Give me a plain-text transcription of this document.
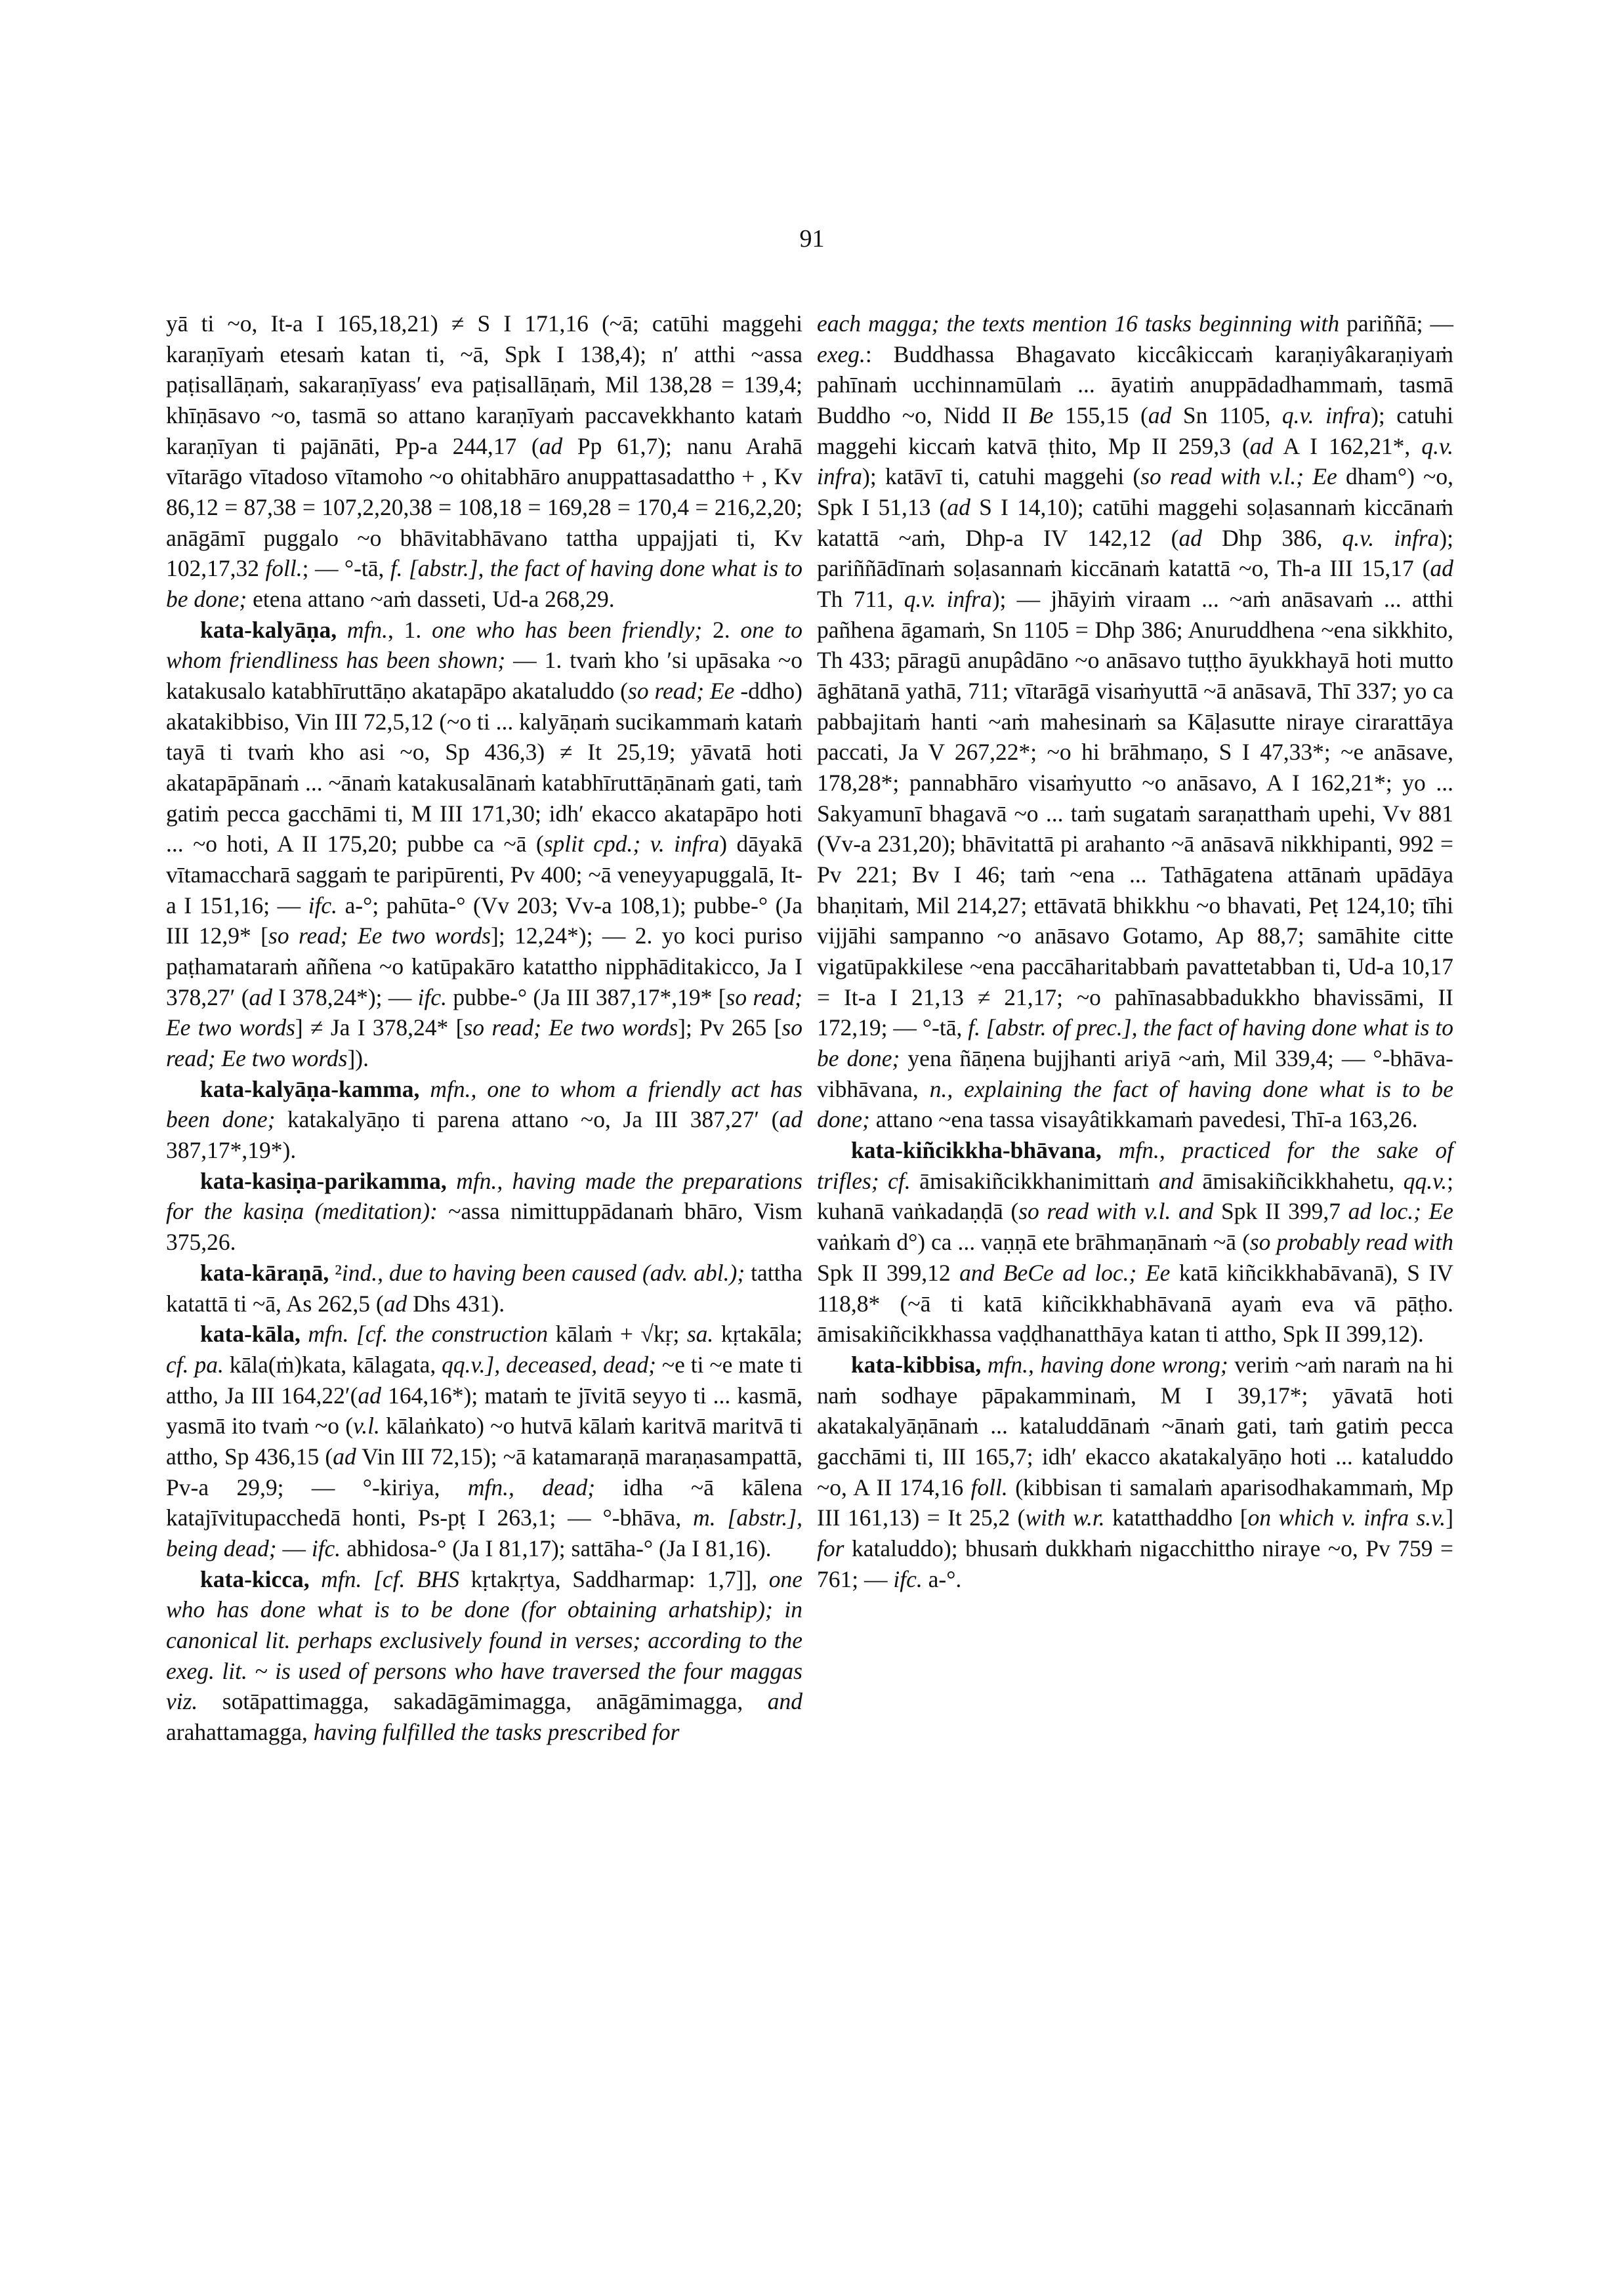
91

yā ti ~o, It-a I 165,18,21) ≠ S I 171,16 (~ā; catūhi maggehi karaṇīyaṁ etesaṁ katan ti, ~ā, Spk I 138,4); n′ atthi ~assa paṭisallāṇaṁ, sakaraṇīyass′ eva paṭisallāṇaṁ, Mil 138,28 = 139,4; khīṇāsavo ~o, tasmā so attano karaṇīyaṁ paccavekkhanto kataṁ karaṇīyan ti pajānāti, Pp-a 244,17 (ad Pp 61,7); nanu Arahā vītarāgo vītadoso vītamoho ~o ohitabhāro anuppattasadattho + , Kv 86,12 = 87,38 = 107,2,20,38 = 108,18 = 169,28 = 170,4 = 216,2,20; anāgāmī puggalo ~o bhāvitabhāvano tattha uppajjati ti, Kv 102,17,32 foll.; — °-tā, f. [abstr.], the fact of having done what is to be done; etena attano ~aṁ dasseti, Ud-a 268,29.

kata-kalyāṇa, mfn., 1. one who has been friendly; 2. one to whom friendliness has been shown; — 1. tvaṁ kho ′si upāsaka ~o katakusalo katabhīruttāṇo akatapāpo akataluddo (so read; Ee -ddho) akatakibbiso, Vin III 72,5,12 (~o ti ... kalyāṇaṁ sucikammaṁ kataṁ tayā ti tvaṁ kho asi ~o, Sp 436,3) ≠ It 25,19; yāvatā hoti akatapāpānaṁ ... ~ānaṁ katakusalānaṁ katabhīruttāṇānaṁ gati, taṁ gatiṁ pecca gacchāmi ti, M III 171,30; idh′ ekacco akatapāpo hoti ... ~o hoti, A II 175,20; pubbe ca ~ā (split cpd.; v. infra) dāyakā vītamaccharā saggaṁ te paripūrenti, Pv 400; ~ā veneyyapuggalā, It-a I 151,16; — ifc. a-°; pahūta-° (Vv 203; Vv-a 108,1); pubbe-° (Ja III 12,9* [so read; Ee two words]; 12,24*); — 2. yo koci puriso paṭhamataraṁ aññena ~o katūpakāro katattho nipphāditakicco, Ja I 378,27′ (ad I 378,24*); — ifc. pubbe-° (Ja III 387,17*,19* [so read; Ee two words] ≠ Ja I 378,24* [so read; Ee two words]; Pv 265 [so read; Ee two words]).

kata-kalyāṇa-kamma, mfn., one to whom a friendly act has been done; katakalyāṇo ti parena attano ~o, Ja III 387,27′ (ad 387,17*,19*).

kata-kasiṇa-parikamma, mfn., having made the preparations for the kasiṇa (meditation): ~assa nimittuppādanaṁ bhāro, Vism 375,26.

kata-kāraṇā, ²ind., due to having been caused (adv. abl.); tattha katattā ti ~ā, As 262,5 (ad Dhs 431).

kata-kāla, mfn. [cf. the construction kālaṁ + √kṛ; sa. kṛtakāla; cf. pa. kāla(ṁ)kata, kālagata, qq.v.], deceased, dead; ~e ti ~e mate ti attho, Ja III 164,22′(ad 164,16*); mataṁ te jīvitā seyyo ti ... kasmā, yasmā ito tvaṁ ~o (v.l. kālaṅkato) ~o hutvā kālaṁ karitvā maritvā ti attho, Sp 436,15 (ad Vin III 72,15); ~ā katamaraṇā maraṇasampattā, Pv-a 29,9; — °-kiriya, mfn., dead; idha ~ā kālena katajīvitupacchedā honti, Ps-pṭ I 263,1; — °-bhāva, m. [abstr.], being dead; — ifc. abhidosa-° (Ja I 81,17); sattāha-° (Ja I 81,16).

kata-kicca, mfn. [cf. BHS kṛtakṛtya, Saddharmap: 1,7]], one who has done what is to be done (for obtaining arhatship); in canonical lit. perhaps exclusively found in verses; according to the exeg. lit. ~ is used of persons who have traversed the four maggas viz. sotāpattimagga, sakadāgāmimagga, anāgāmimagga, and arahattamagga, having fulfilled the tasks prescribed for

each magga; the texts mention 16 tasks beginning with pariññā; — exeg.: Buddhassa Bhagavato kiccâkiccaṁ karaṇiyâkaraṇiyaṁ pahīnaṁ ucchinnamūlaṁ ... āyatiṁ anuppādadhammaṁ, tasmā Buddho ~o, Nidd II Be 155,15 (ad Sn 1105, q.v. infra); catuhi maggehi kiccaṁ katvā ṭhito, Mp II 259,3 (ad A I 162,21*, q.v. infra); katāvī ti, catuhi maggehi (so read with v.l.; Ee dham°) ~o, Spk I 51,13 (ad S I 14,10); catūhi maggehi soḷasannaṁ kiccānaṁ katattā ~aṁ, Dhp-a IV 142,12 (ad Dhp 386, q.v. infra); pariññādīnaṁ soḷasannaṁ kiccānaṁ katattā ~o, Th-a III 15,17 (ad Th 711, q.v. infra); — jhāyiṁ viraam ... ~aṁ anāsavaṁ ... atthi pañhena āgamaṁ, Sn 1105 = Dhp 386; Anuruddhena ~ena sikkhito, Th 433; pāragū anupâdāno ~o anāsavo tuṭṭho āyukkhayā hoti muttо āghātanā yathā, 711; vītarāgā visaṁyuttā ~ā anāsavā, Thī 337; yo ca pabbajitaṁ hanti ~aṁ mahesinaṁ sa Kāḷasutte niraye cirarattāya paccati, Ja V 267,22*; ~o hi brāhmaṇo, S I 47,33*; ~e anāsave, 178,28*; pannabhāro visaṁyutto ~o anāsavo, A I 162,21*; yo ... Sakyamunī bhagavā ~o ... taṁ sugataṁ saraṇatthaṁ upehi, Vv 881 (Vv-a 231,20); bhāvitattā pi arahanto ~ā anāsavā nikkhipanti, 992 = Pv 221; Bv I 46; taṁ ~ena ... Tathāgatena attānaṁ upādāya bhaṇitaṁ, Mil 214,27; ettāvatā bhikkhu ~o bhavati, Peṭ 124,10; tīhi vijjāhi sampanno ~o anāsavo Gotamo, Ap 88,7; samāhite citte vigatūpakkilese ~ena paccāharitabbaṁ pavattetabban ti, Ud-a 10,17 = It-a I 21,13 ≠ 21,17; ~o pahīnasabbadukkho bhavissāmi, II 172,19; — °-tā, f. [abstr. of prec.], the fact of having done what is to be done; yena ñāṇena bujjhanti ariyā ~aṁ, Mil 339,4; — °-bhāva-vibhāvana, n., explaining the fact of having done what is to be done; attano ~ena tassa visayâtikkamaṁ pavedesi, Thī-a 163,26.

kata-kiñcikkha-bhāvana, mfn., practiced for the sake of trifles; cf. āmisakiñcikkhanimittaṁ and āmisakiñcikkhahetu, qq.v.; kuhanā vaṅkadaṇḍā (so read with v.l. and Spk II 399,7 ad loc.; Ee vaṅkaṁ d°) ca ... vaṇṇā ete brāhmaṇānaṁ ~ā (so probably read with Spk II 399,12 and BeCe ad loc.; Ee katā kiñcikkhabāvanā), S IV 118,8* (~ā ti katā kiñcikkhabhāvanā ayaṁ eva vā pāṭho. āmisakiñcikkhassa vaḍḍhanatthāya katan ti attho, Spk II 399,12).

kata-kibbisa, mfn., having done wrong; veriṁ ~aṁ naraṁ na hi naṁ sodhaye pāpakamminaṁ, M I 39,17*; yāvatā hoti akatakalyāṇānaṁ ... kataluddānaṁ ~ānaṁ gati, taṁ gatiṁ pecca gacchāmi ti, III 165,7; idh′ ekacco akatakalyāṇo hoti ... kataluddo ~o, A II 174,16 foll. (kibbisan ti samalaṁ aparisodhakammaṁ, Mp III 161,13) = It 25,2 (with w.r. katatthaddho [on which v. infra s.v.] for kataluddo); bhusaṁ dukkhaṁ nigacchittho niraye ~o, Pv 759 = 761; — ifc. a-°.
